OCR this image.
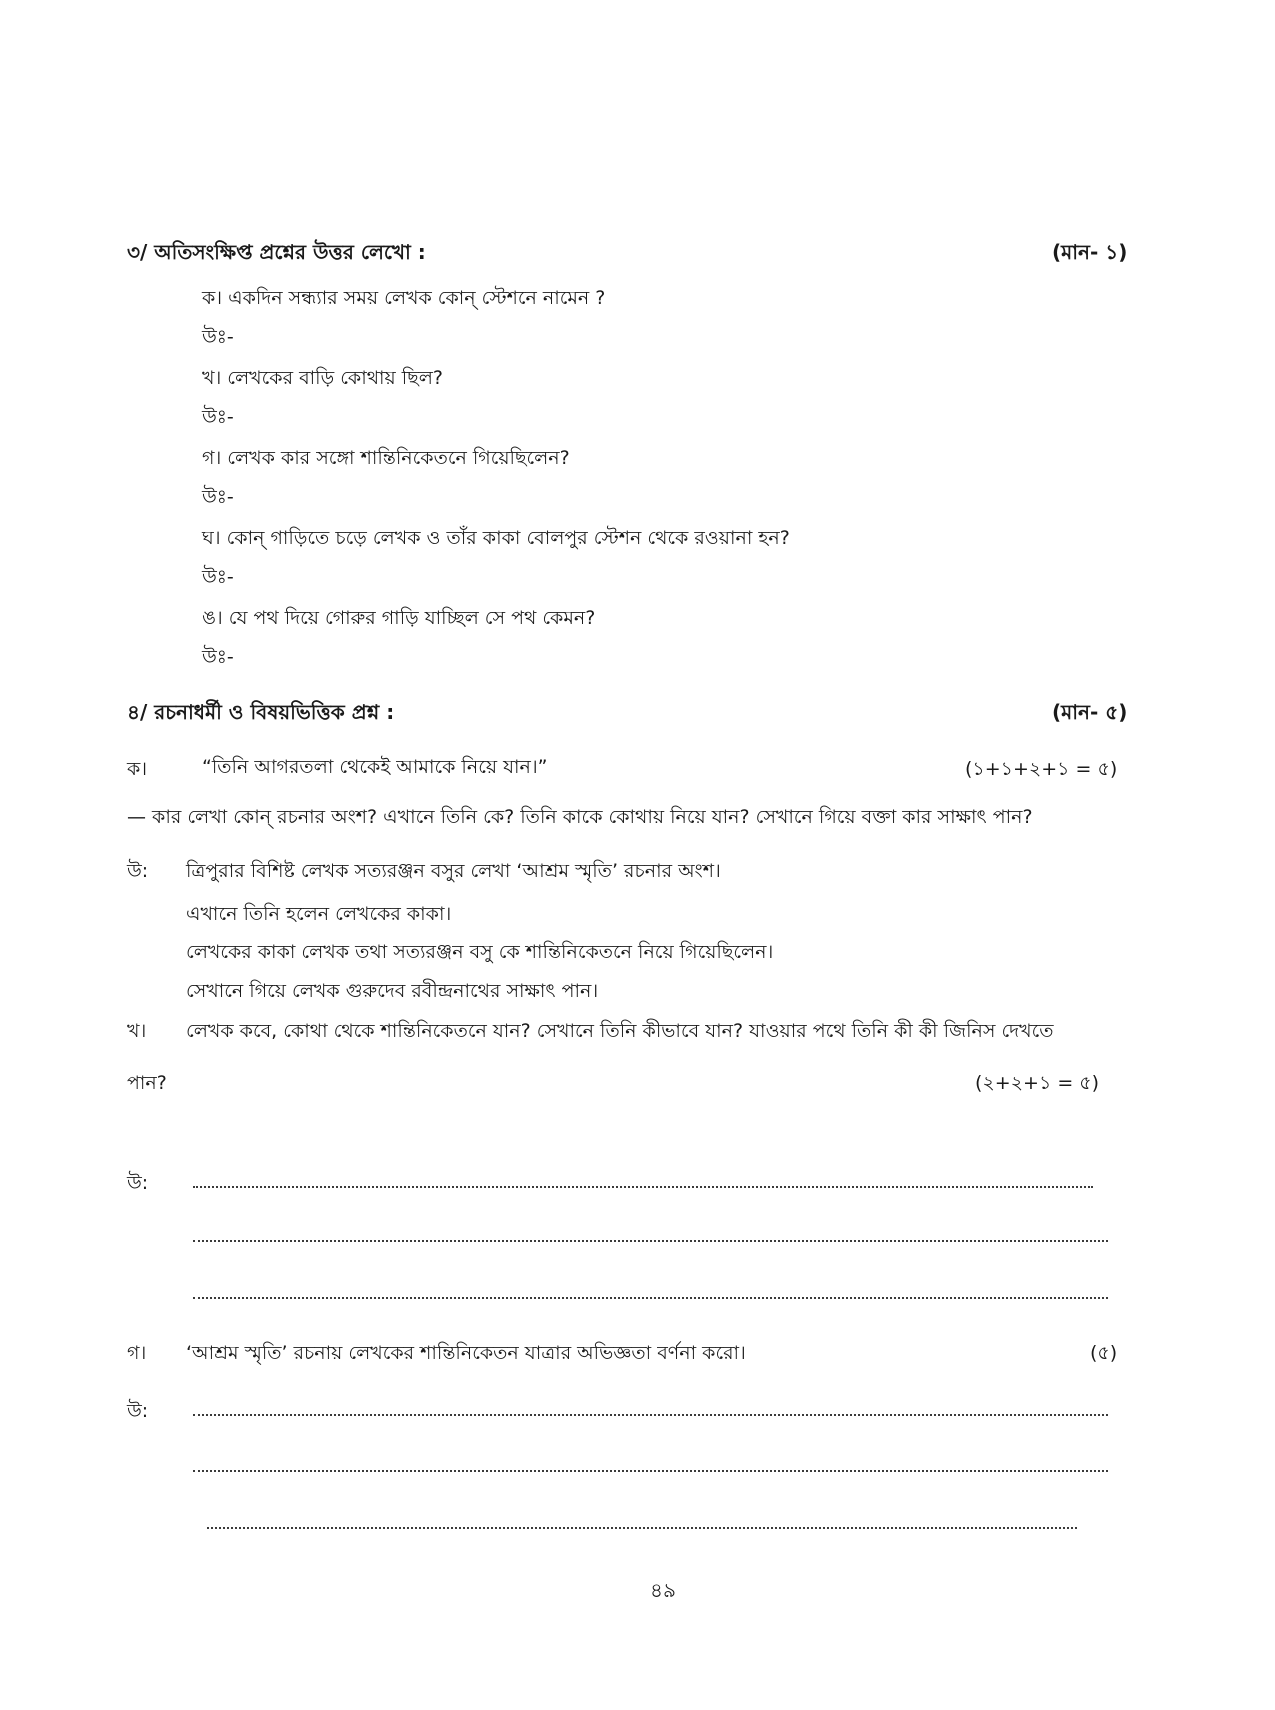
৩/ অতিসংক্ষিপ্ত প্রশ্নের উত্তর লেখো :	(মান- ১)
ক। একদিন সন্ধ্যার সময় লেখক কোন্ স্টেশনে নামেন ?
উঃ-
খ। লেখকের বাড়ি কোথায় ছিল?
উঃ-
গ। লেখক কার সঙ্গো শান্তিনিকেতনে গিয়েছিলেন?
উঃ-
ঘ। কোন্ গাড়িতে চড়ে লেখক ও তাঁর কাকা বোলপুর স্টেশন থেকে রওয়ানা হন?
উঃ-
ঙ। যে পথ দিয়ে গোরুর গাড়ি যাচ্ছিল সে পথ কেমন?
উঃ-
৪/ রচনাধর্মী ও বিষয়ভিত্তিক প্রশ্ন :	(মান- ৫)
ক।	“তিনি আগরতলা থেকেই আমাকে নিয়ে যান।”	(১+১+২+১ = ৫)
— কার লেখা কোন্ রচনার অংশ? এখানে তিনি কে? তিনি কাকে কোথায় নিয়ে যান? সেখানে গিয়ে বক্তা কার সাক্ষাৎ পান?
উ: ত্রিপুরার বিশিষ্ট লেখক সত্যরঞ্জন বসুর লেখা ‘আশ্রম স্মৃতি’ রচনার অংশ।
এখানে তিনি হলেন লেখকের কাকা।
লেখকের কাকা লেখক তথা সত্যরঞ্জন বসু কে শান্তিনিকেতনে নিয়ে গিয়েছিলেন।
সেখানে গিয়ে লেখক গুরুদেব রবীন্দ্রনাথের সাক্ষাৎ পান।
খ। লেখক কবে, কোথা থেকে শান্তিনিকেতনে যান? সেখানে তিনি কীভাবে যান? যাওয়ার পথে তিনি কী কী জিনিস দেখতে
পান?	(২+২+১ = ৫)
উ:
গ। ‘আশ্রম স্মৃতি’ রচনায় লেখকের শান্তিনিকেতন যাত্রার অভিজ্ঞতা বর্ণনা করো।	(৫)
উ:
৪৯
